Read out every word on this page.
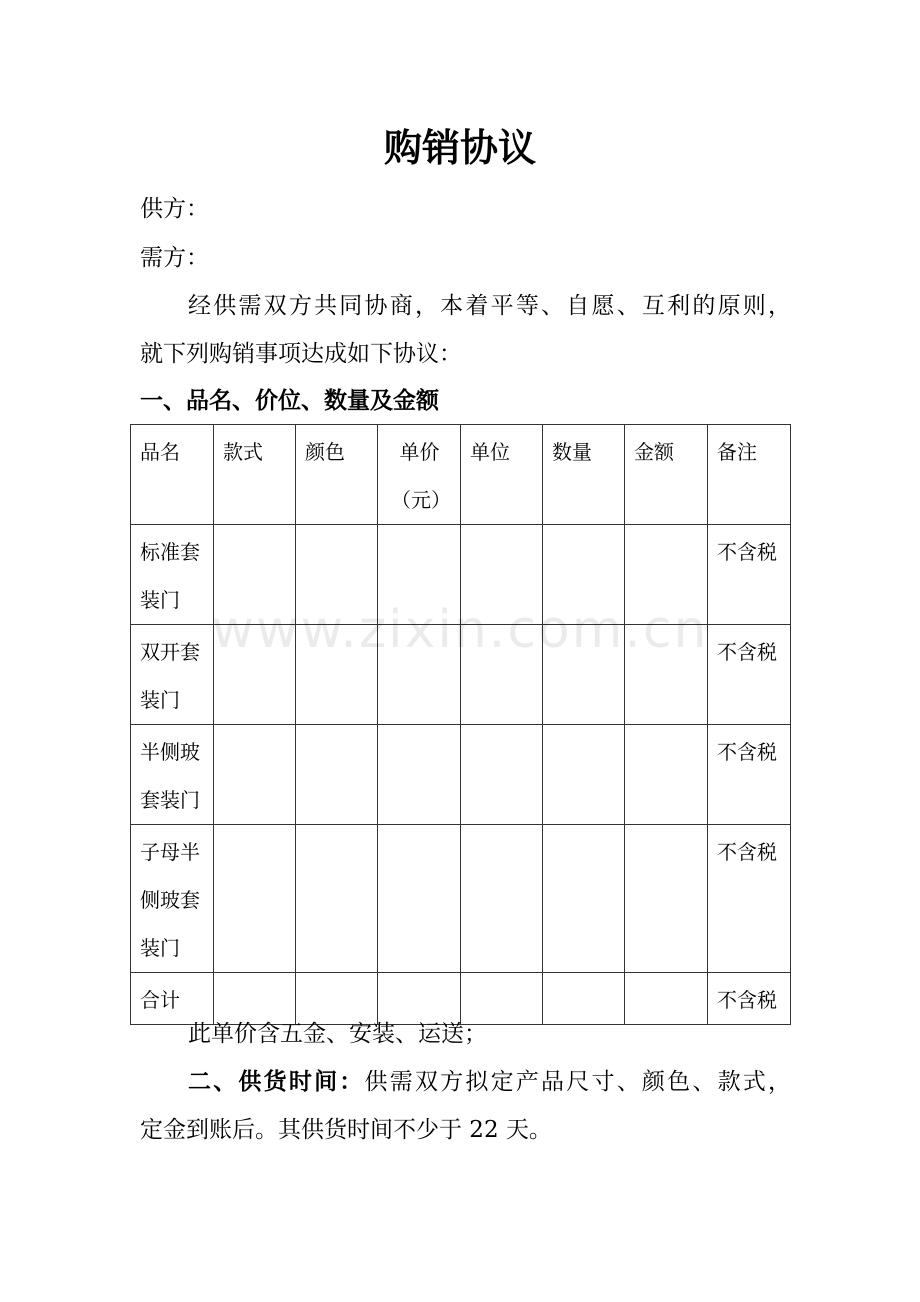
购销协议
供方：
需方：
经供需双方共同协商，本着平等、自愿、互利的原则，
就下列购销事项达成如下协议：
一、品名、价位、数量及金额
品名	款式	颜色	单价（元）	单位	数量	金额	备注

标准套装门							不含税

双开套装门							不含税

半侧玻套装门							不含税

子母半侧玻套装门							不含税

合计							不含税
www.zixin.com.cn
此单价含五金、安装、运送；
二、供货时间：供需双方拟定产品尺寸、颜色、款式，
定金到账后。其供货时间不少于 22 天。
